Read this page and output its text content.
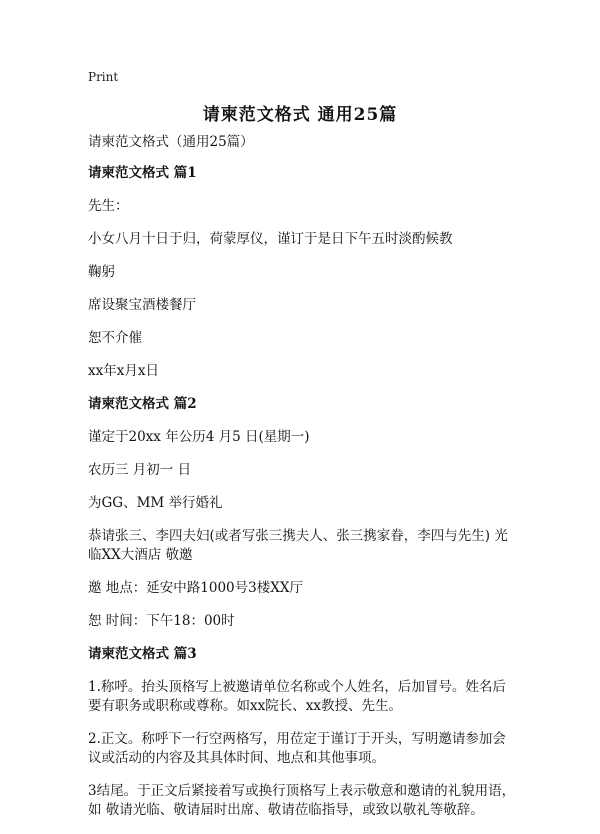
Print
请柬范文格式 通用25篇

请柬范文格式（通用25篇）

请柬范文格式 篇1

先生：

小女八月十日于归，荷蒙厚仪，谨订于是日下午五时淡酌候教

鞠躬

席设聚宝酒楼餐厅

恕不介催

xx年x月x日

请柬范文格式 篇2

谨定于20xx 年公历4 月5 日(星期一)

农历三 月初一 日

为GG、MM 举行婚礼

恭请张三、李四夫妇(或者写张三携夫人、张三携家眷，李四与先生) 光临XX大酒店 敬邀

邀 地点：延安中路1000号3楼XX厅

恕 时间：下午18：00时

请柬范文格式 篇3

1.称呼。抬头顶格写上被邀请单位名称或个人姓名，后加冒号。姓名后要有职务或职称或尊称。如xx院长、xx教授、先生。

2.正文。称呼下一行空两格写，用莅定于谨订于开头，写明邀请参加会议或活动的内容及其具体时间、地点和其他事项。

3结尾。于正文后紧接着写或换行顶格写上表示敬意和邀请的礼貌用语，如 敬请光临、敬请届时出席、敬请莅临指导，或致以敬礼等敬辞。
